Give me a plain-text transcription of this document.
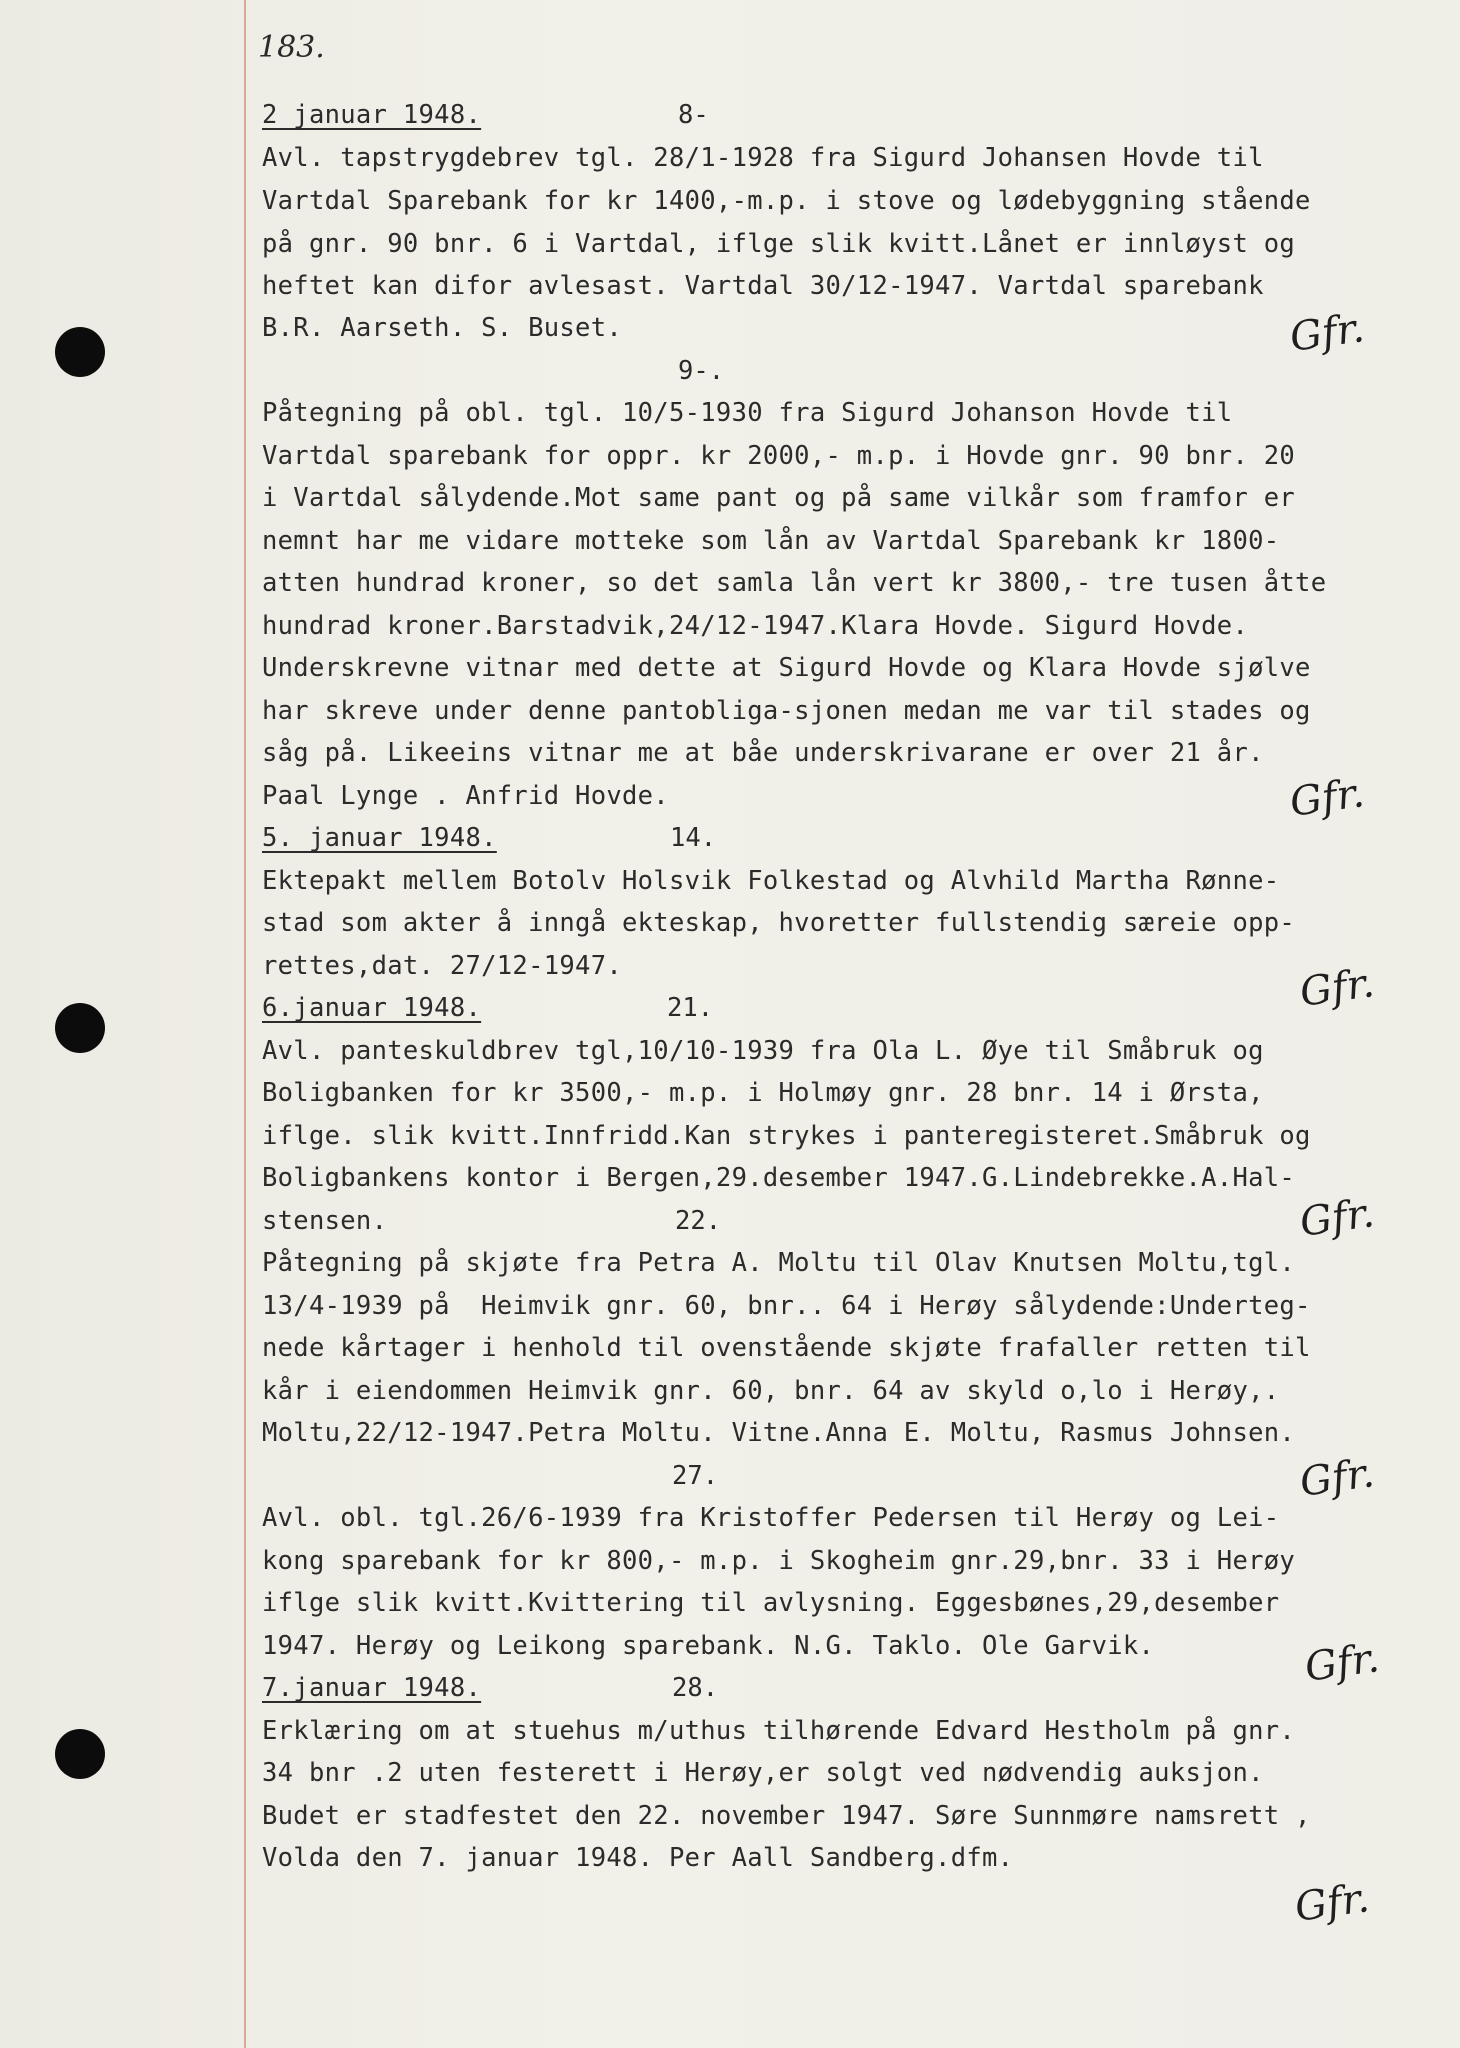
183.
2 januar 1948.	8-
Avl. tapstrygdebrev tgl. 28/1-1928 fra Sigurd Johansen Hovde til
Vartdal Sparebank for kr 1400,-m.p. i stove og lødebyggning stående
på gnr. 90 bnr. 6 i Vartdal, iflge slik kvitt.Lånet er innløyst og
heftet kan difor avlesast. Vartdal 30/12-1947. Vartdal sparebank
B.R. Aarseth. S. Buset.	Gfr.
9-.
Påtegning på obl. tgl. 10/5-1930 fra Sigurd Johanson Hovde til
Vartdal sparebank for oppr. kr 2000,- m.p. i Hovde gnr. 90 bnr. 20
i Vartdal sålydende.Mot same pant og på same vilkår som framfor er
nemnt har me vidare motteke som lån av Vartdal Sparebank kr 1800-
atten hundrad kroner, so det samla lån vert kr 3800,- tre tusen åtte
hundrad kroner.Barstadvik,24/12-1947.Klara Hovde. Sigurd Hovde.
Underskrevne vitnar med dette at Sigurd Hovde og Klara Hovde sjølve
har skreve under denne pantobliga-sjonen medan me var til stades og
såg på. Likeeins vitnar me at båe underskrivarane er over 21 år.
Paal Lynge . Anfrid Hovde.	Gfr.
5. januar 1948.	14.
Ektepakt mellem Botolv Holsvik Folkestad og Alvhild Martha Rønne-
stad som akter å inngå ekteskap, hvoretter fullstendig særeie opp-
rettes,dat. 27/12-1947.	Gfr.
6.januar 1948.	21.
Avl. panteskuldbrev tgl,10/10-1939 fra Ola L. Øye til Småbruk og
Boligbanken for kr 3500,- m.p. i Holmøy gnr. 28 bnr. 14 i Ørsta,
iflge. slik kvitt.Innfridd.Kan strykes i panteregisteret.Småbruk og
Boligbankens kontor i Bergen,29.desember 1947.G.Lindebrekke.A.Hal-
stensen.	Gfr.
22.
Påtegning på skjøte fra Petra A. Moltu til Olav Knutsen Moltu,tgl.
13/4-1939 på  Heimvik gnr. 60, bnr.. 64 i Herøy sålydende:Underteg-
nede kårtager i henhold til ovenstående skjøte frafaller retten til
kår i eiendommen Heimvik gnr. 60, bnr. 64 av skyld o,lo i Herøy,.
Moltu,22/12-1947.Petra Moltu. Vitne.Anna E. Moltu, Rasmus Johnsen.
Gfr.
27.
Avl. obl. tgl.26/6-1939 fra Kristoffer Pedersen til Herøy og Lei-
kong sparebank for kr 800,- m.p. i Skogheim gnr.29,bnr. 33 i Herøy
iflge slik kvitt.Kvittering til avlysning. Eggesbønes,29,desember
1947. Herøy og Leikong sparebank. N.G. Taklo. Ole Garvik.	Gfr.
7.januar 1948.	28.
Erklæring om at stuehus m/uthus tilhørende Edvard Hestholm på gnr.
34 bnr .2 uten festerett i Herøy,er solgt ved nødvendig auksjon.
Budet er stadfestet den 22. november 1947. Søre Sunnmøre namsrett ,
Volda den 7. januar 1948. Per Aall Sandberg.dfm.
Gfr.
